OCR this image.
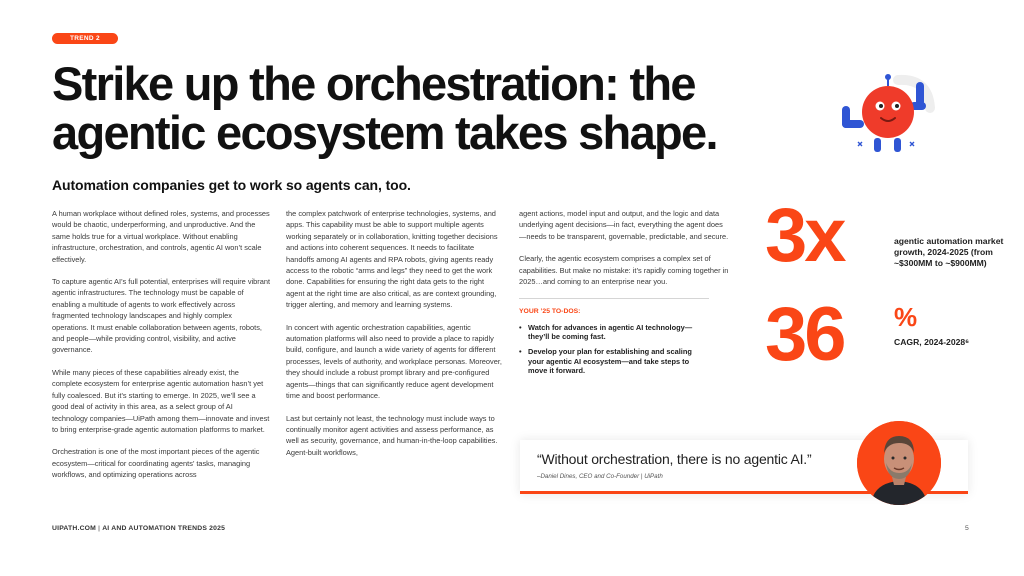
TREND 2
Strike up the orchestration: the agentic ecosystem takes shape.
Automation companies get to work so agents can, too.

A human workplace without defined roles, systems, and processes would be chaotic, underperforming, and unproductive. And the same holds true for a virtual workplace. Without enabling infrastructure, orchestration, and controls, agentic AI won’t scale effectively.

To capture agentic AI’s full potential, enterprises will require vibrant agentic infrastructures. The technology must be capable of enabling a multitude of agents to work effectively across fragmented technology landscapes and highly complex operations. It must enable collaboration between agents, robots, and people—while providing control, visibility, and active governance.

While many pieces of these capabilities already exist, the complete ecosystem for enterprise agentic automation hasn’t yet fully coalesced. But it’s starting to emerge. In 2025, we’ll see a good deal of activity in this area, as a select group of AI technology companies—UiPath among them—innovate and invest to bring enterprise-grade agentic automation platforms to market.

Orchestration is one of the most important pieces of the agentic ecosystem—critical for coordinating agents’ tasks, managing workflows, and optimizing operations across

the complex patchwork of enterprise technologies, systems, and apps. This capability must be able to support multiple agents working separately or in collaboration, knitting together decisions and actions into coherent sequences. It needs to facilitate handoffs among AI agents and RPA robots, giving agents ready access to the robotic “arms and legs” they need to get the work done. Capabilities for ensuring the right data gets to the right agent at the right time are also critical, as are context grounding, trigger alerting, and memory and learning systems.

In concert with agentic orchestration capabilities, agentic automation platforms will also need to provide a place to rapidly build, configure, and launch a wide variety of agents for different processes, levels of authority, and workplace personas. Moreover, they should include a robust prompt library and pre-configured agents—things that can significantly reduce agent development time and boost performance.

Last but certainly not least, the technology must include ways to continually monitor agent activities and assess performance, as well as security, governance, and human-in-the-loop capabilities. Agent-built workflows,

agent actions, model input and output, and the logic and data underlying agent decisions—in fact, everything the agent does—needs to be transparent, governable, predictable, and secure.

Clearly, the agentic ecosystem comprises a complex set of capabilities. But make no mistake: it’s rapidly coming together in 2025…and coming to an enterprise near you.

YOUR ’25 TO-DOS:
• Watch for advances in agentic AI technology—they’ll be coming fast.
• Develop your plan for establishing and scaling your agentic AI ecosystem—and take steps to move it forward.
3x	agentic automation market growth, 2024-2025 (from ~$300MM to ~$900MM)
36 %
CAGR, 2024-2028⁶
“Without orchestration, there is no agentic AI.”
–Daniel Dines, CEO and Co-Founder | UiPath
UIPATH.COM | AI AND AUTOMATION TRENDS 2025	5
